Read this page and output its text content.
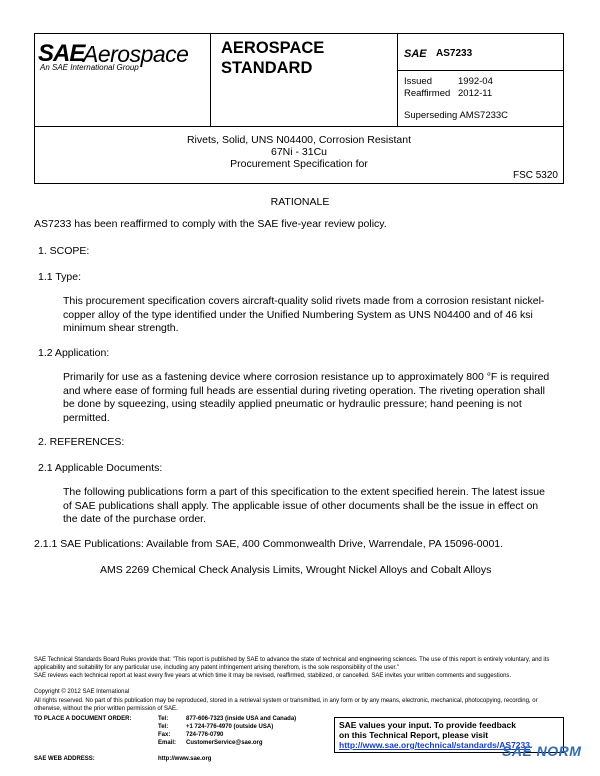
SAE
Aerospace
An SAE International Group
AEROSPACE
STANDARD
SAE AS7233
Issued	1992-04
Reaffirmed 2012-11
Superseding AMS7233C
Rivets, Solid, UNS N04400, Corrosion Resistant
67Ni - 31Cu
Procurement Specification for
FSC 5320
RATIONALE
AS7233 has been reaffirmed to comply with the SAE five-year review policy.
1. SCOPE:
1.1 Type:
This procurement specification covers aircraft-quality solid rivets made from a corrosion resistant nickel-copper alloy of the type identified under the Unified Numbering System as UNS N04400 and of 46 ksi minimum shear strength.
1.2 Application:
Primarily for use as a fastening device where corrosion resistance up to approximately 800 °F is required and where ease of forming full heads are essential during riveting operation. The riveting operation shall be done by squeezing, using steadily applied pneumatic or hydraulic pressure; hand peening is not permitted.
2. REFERENCES:
2.1 Applicable Documents:
The following publications form a part of this specification to the extent specified herein. The latest issue of SAE publications shall apply. The applicable issue of other documents shall be the issue in effect on the date of the purchase order.
2.1.1 SAE Publications: Available from SAE, 400 Commonwealth Drive, Warrendale, PA 15096-0001.
AMS 2269 Chemical Check Analysis Limits, Wrought Nickel Alloys and Cobalt Alloys
SAE Technical Standards Board Rules provide that: "This report is published by SAE to advance the state of technical and engineering sciences. The use of this report is entirely voluntary, and its applicability and suitability for any particular use, including any patent infringement arising therefrom, is the sole responsibility of the user."
SAE reviews each technical report at least every five years at which time it may be revised, reaffirmed, stabilized, or cancelled. SAE invites your written comments and suggestions.
Copyright © 2012 SAE International
All rights reserved. No part of this publication may be reproduced, stored in a retrieval system or transmitted, in any form or by any means, electronic, mechanical, photocopying, recording, or otherwise, without the prior written permission of SAE.
TO PLACE A DOCUMENT ORDER:	Tel:	877-606-7323 (inside USA and Canada)
Tel:	+1 724-776-4970 (outside USA)
Fax:	724-776-0790
Email: CustomerService@sae.org
SAE WEB ADDRESS:	http://www.sae.org
SAE values your input. To provide feedback
on this Technical Report, please visit
http://www.sae.org/technical/standards/AS7233
SAE NORM
